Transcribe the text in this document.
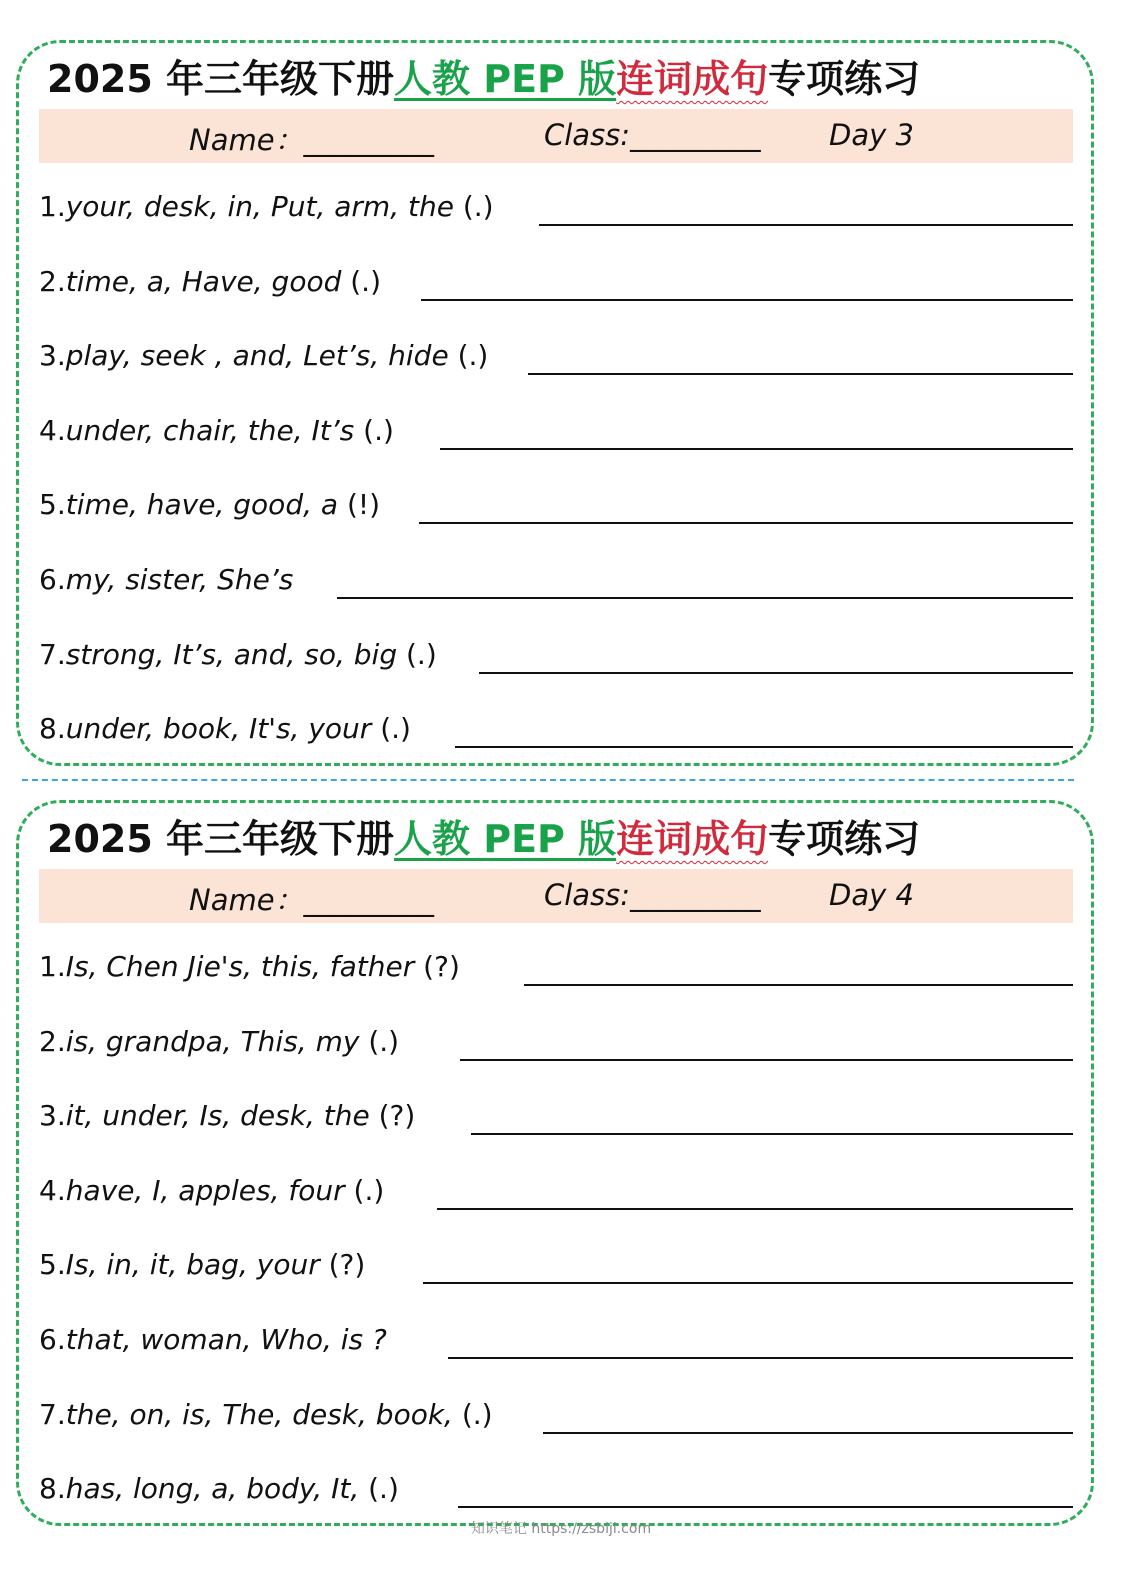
2025 年三年级下册人教 PEP 版连词成句专项练习
Name：_________	Class:_________ Day 3
1.your, desk, in, Put, arm, the (.)
2.time, a, Have, good (.)
3.play, seek , and, Let’s, hide (.)
4.under, chair, the, It’s (.)
5.time, have, good, a (!)
6.my, sister, She’s
7.strong, It’s, and, so, big (.)
8.under, book, It's, your (.)
2025 年三年级下册人教 PEP 版连词成句专项练习
Name：_________	Class:_________ Day 4
1.Is, Chen Jie's, this, father (?)
2.is, grandpa, This, my (.)
3.it, under, Is, desk, the (?)
4.have, I, apples, four (.)
5.Is, in, it, bag, your (?)
6.that, woman, Who, is ?
7.the, on, is, The, desk, book, (.)
8.has, long, a, body, It, (.)
知识笔记 https://zsbiji.com
